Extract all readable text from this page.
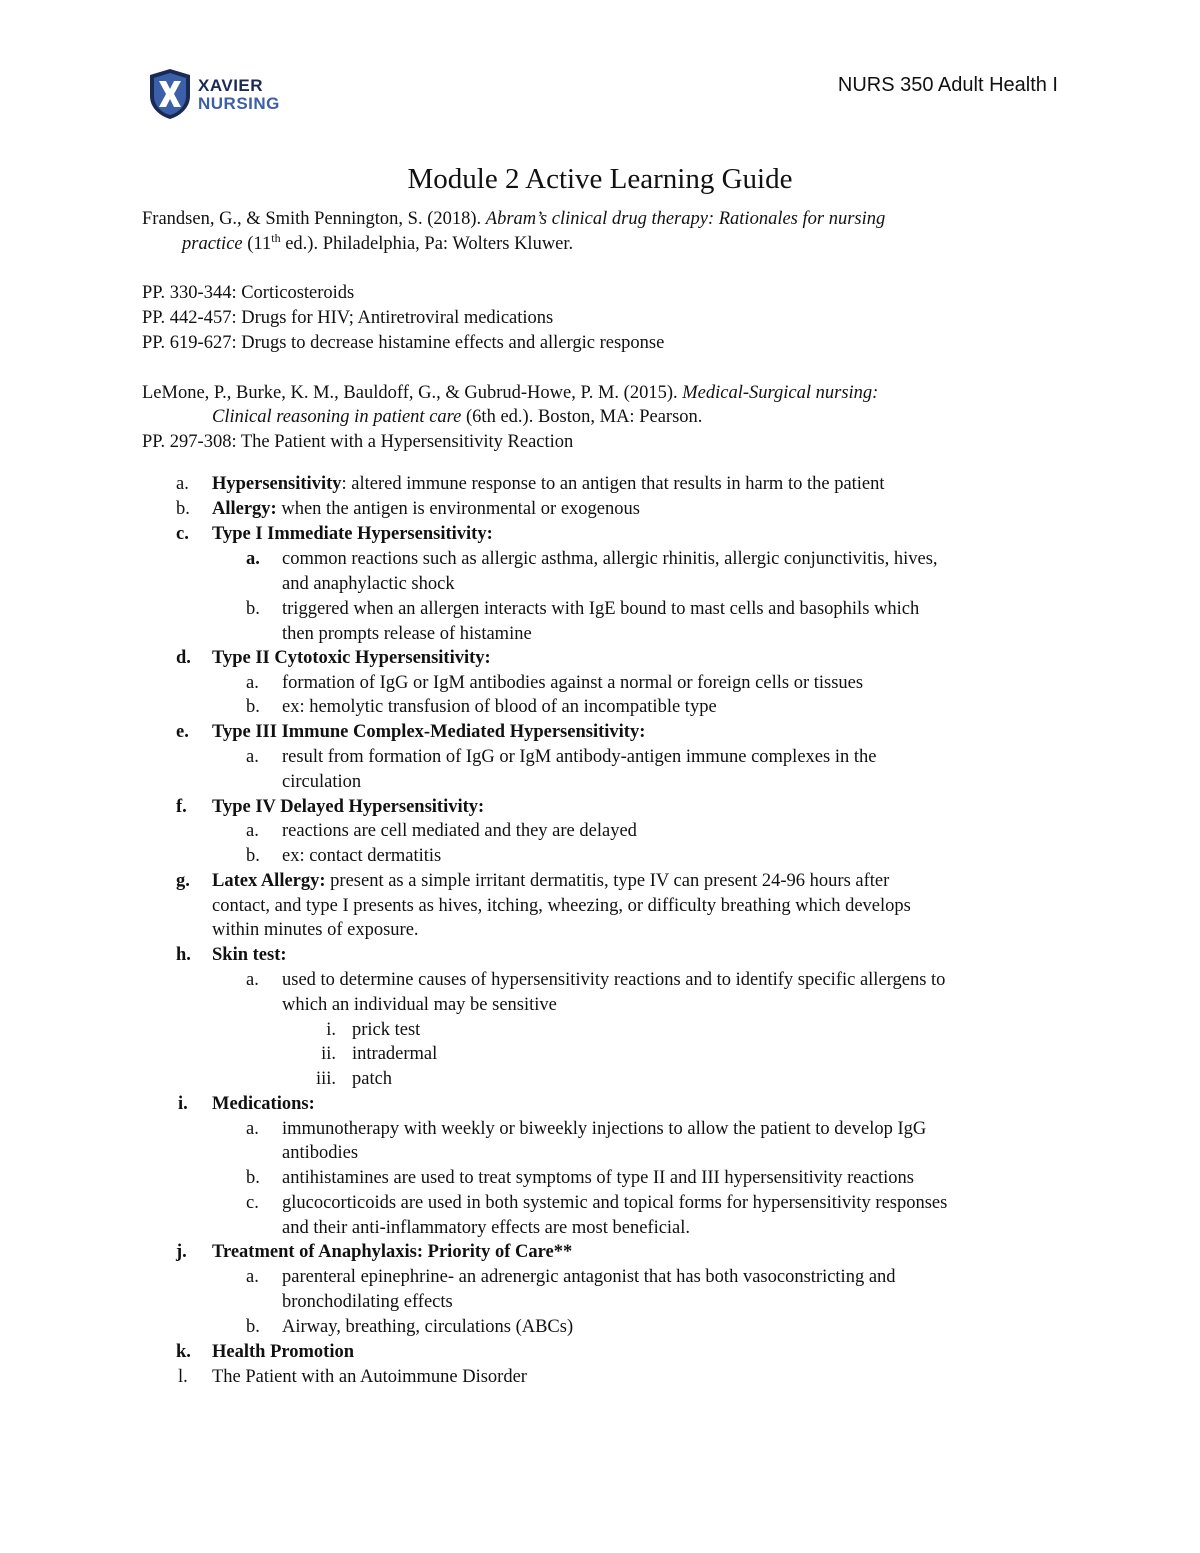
XAVIER
NURSING
NURS 350 Adult Health I
Module 2 Active Learning Guide
Frandsen, G., & Smith Pennington, S. (2018). Abram’s clinical drug therapy: Rationales for nursing
practice (11th ed.). Philadelphia, Pa: Wolters Kluwer.
PP. 330-344: Corticosteroids
PP. 442-457: Drugs for HIV; Antiretroviral medications
PP. 619-627: Drugs to decrease histamine effects and allergic response
LeMone, P., Burke, K. M., Bauldoff, G., & Gubrud-Howe, P. M. (2015). Medical-Surgical nursing:
Clinical reasoning in patient care (6th ed.). Boston, MA: Pearson.
PP. 297-308: The Patient with a Hypersensitivity Reaction
a. Hypersensitivity: altered immune response to an antigen that results in harm to the patient
b. Allergy: when the antigen is environmental or exogenous
c. Type I Immediate Hypersensitivity:
a. common reactions such as allergic asthma, allergic rhinitis, allergic conjunctivitis, hives,
and anaphylactic shock
b. triggered when an allergen interacts with IgE bound to mast cells and basophils which
then prompts release of histamine
d. Type II Cytotoxic Hypersensitivity:
a. formation of IgG or IgM antibodies against a normal or foreign cells or tissues
b. ex: hemolytic transfusion of blood of an incompatible type
e. Type III Immune Complex-Mediated Hypersensitivity:
a. result from formation of IgG or IgM antibody-antigen immune complexes in the
circulation
f. Type IV Delayed Hypersensitivity:
a. reactions are cell mediated and they are delayed
b. ex: contact dermatitis
g. Latex Allergy: present as a simple irritant dermatitis, type IV can present 24-96 hours after
contact, and type I presents as hives, itching, wheezing, or difficulty breathing which develops
within minutes of exposure.
h. Skin test:
a. used to determine causes of hypersensitivity reactions and to identify specific allergens to
which an individual may be sensitive
i. prick test
ii. intradermal
iii. patch
i. Medications:
a. immunotherapy with weekly or biweekly injections to allow the patient to develop IgG
antibodies
b. antihistamines are used to treat symptoms of type II and III hypersensitivity reactions
c. glucocorticoids are used in both systemic and topical forms for hypersensitivity responses
and their anti-inflammatory effects are most beneficial.
j. Treatment of Anaphylaxis: Priority of Care**
a. parenteral epinephrine- an adrenergic antagonist that has both vasoconstricting and
bronchodilating effects
b. Airway, breathing, circulations (ABCs)
k. Health Promotion
l. The Patient with an Autoimmune Disorder
